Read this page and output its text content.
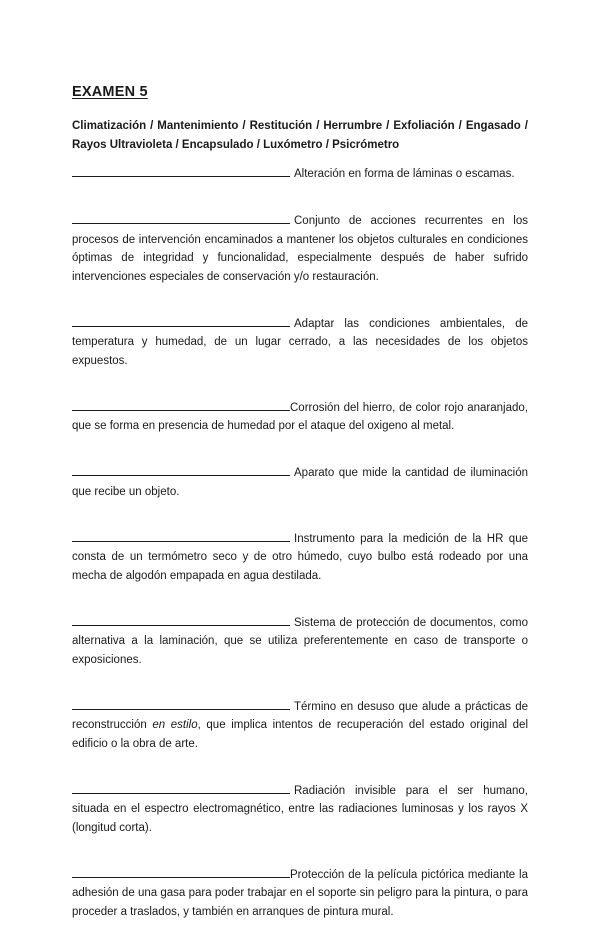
EXAMEN 5
Climatización / Mantenimiento / Restitución / Herrumbre / Exfoliación / Engasado / Rayos Ultravioleta / Encapsulado / Luxómetro / Psicrómetro
Alteración en forma de láminas o escamas.
Conjunto de acciones recurrentes en los procesos de intervención encaminados a mantener los objetos culturales en condiciones óptimas de integridad y funcionalidad, especialmente después de haber sufrido intervenciones especiales de conservación y/o restauración.
Adaptar las condiciones ambientales, de temperatura y humedad, de un lugar cerrado, a las necesidades de los objetos expuestos.
Corrosión del hierro, de color rojo anaranjado, que se forma en presencia de humedad por el ataque del oxigeno al metal.
Aparato que mide la cantidad de iluminación que recibe un objeto.
Instrumento para la medición de la HR que consta de un termómetro seco y de otro húmedo, cuyo bulbo está rodeado por una mecha de algodón empapada en agua destilada.
Sistema de protección de documentos, como alternativa a la laminación, que se utiliza preferentemente en caso de transporte o exposiciones.
Término en desuso que alude a prácticas de reconstrucción en estilo, que implica intentos de recuperación del estado original del edificio o la obra de arte.
Radiación invisible para el ser humano, situada en el espectro electromagnético, entre las radiaciones luminosas y los rayos X (longitud corta).
Protección de la película pictórica mediante la adhesión de una gasa para poder trabajar en el soporte sin peligro para la pintura, o para proceder a traslados, y también en arranques de pintura mural.
